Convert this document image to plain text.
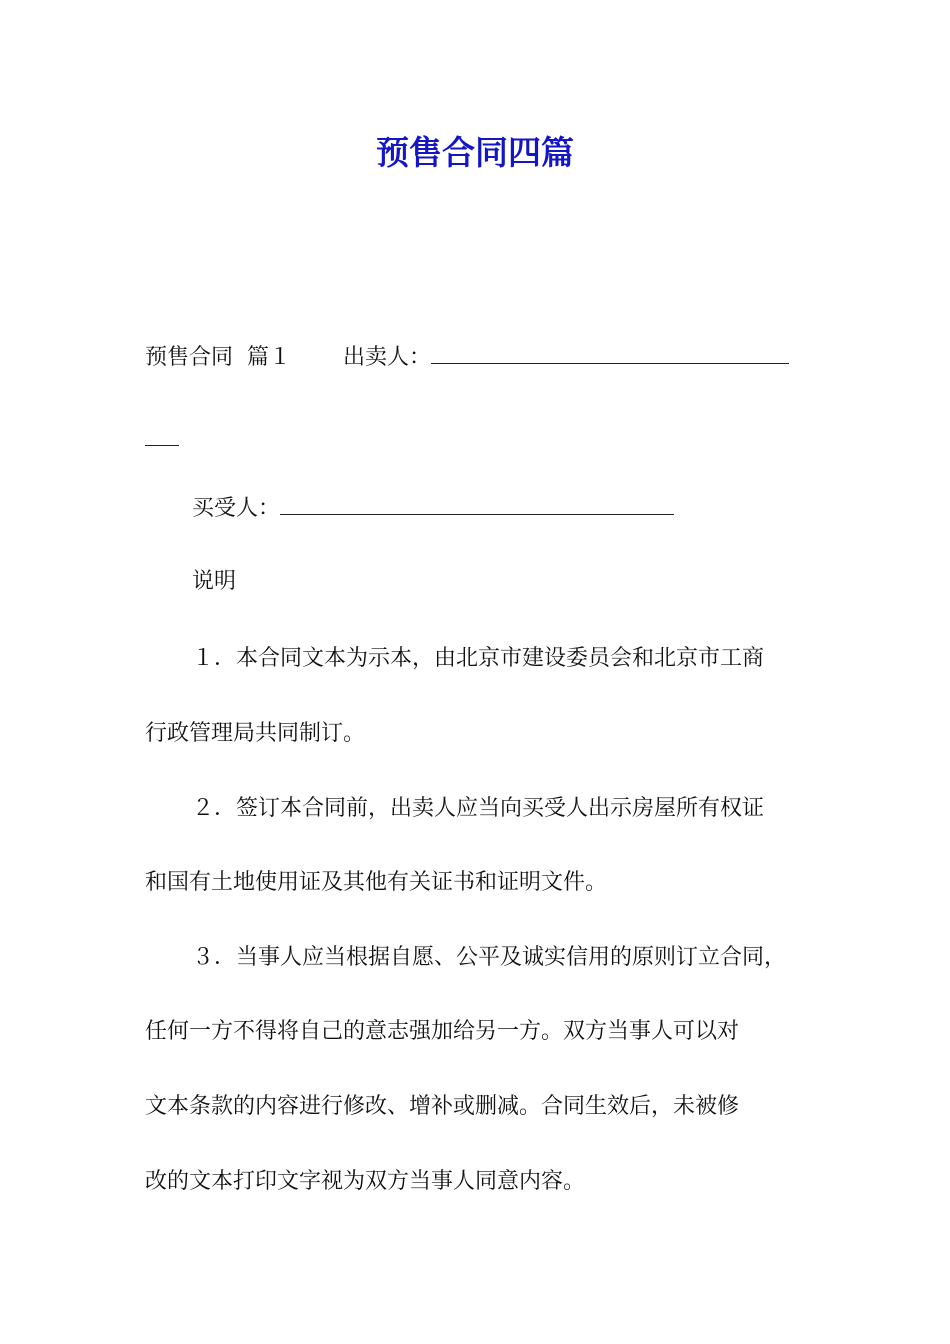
预售合同四篇
预售合同 篇１ 出卖人：
买受人：
说明
１．本合同文本为示本，由北京市建设委员会和北京市工商
行政管理局共同制订。
２．签订本合同前，出卖人应当向买受人出示房屋所有权证
和国有土地使用证及其他有关证书和证明文件。
３．当事人应当根据自愿、公平及诚实信用的原则订立合同，
任何一方不得将自己的意志强加给另一方。双方当事人可以对
文本条款的内容进行修改、增补或删减。合同生效后，未被修
改的文本打印文字视为双方当事人同意内容。
